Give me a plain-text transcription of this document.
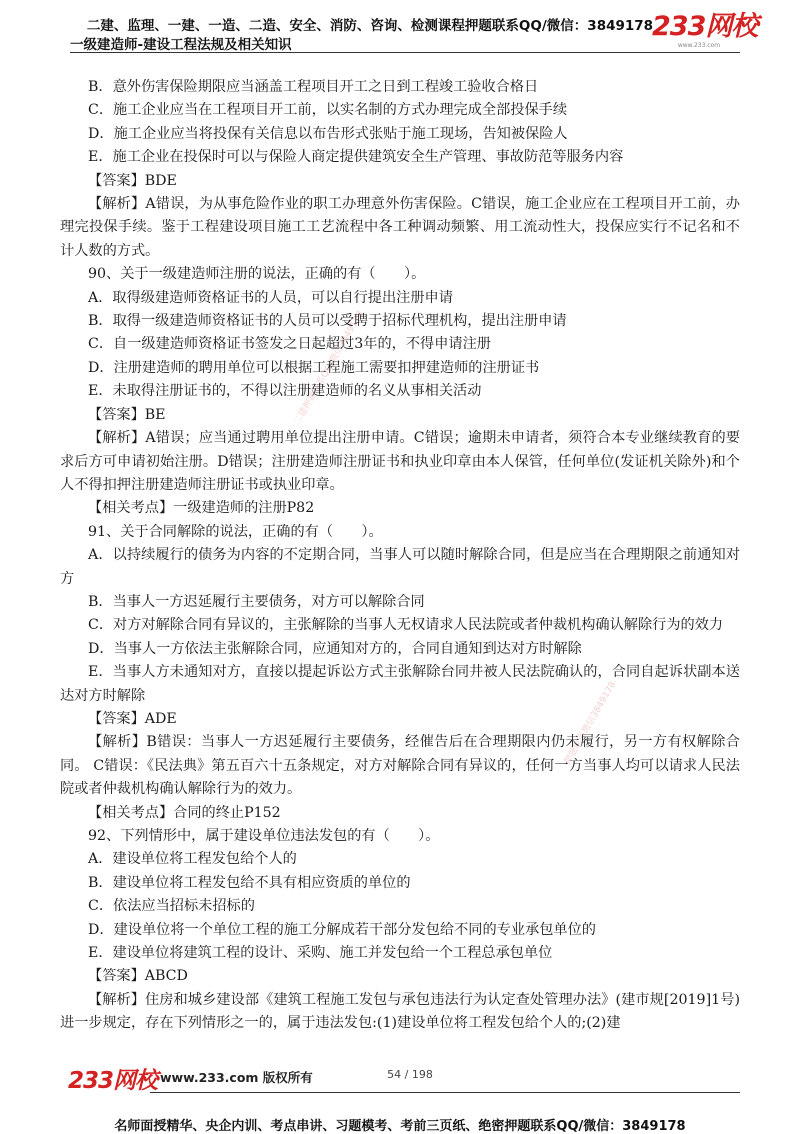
二建、监理、一建、一造、二造、安全、消防、咨询、检测课程押题联系QQ/微信：3849178
一级建造师-建设工程法规及相关知识
233网校
www.233.com
二建押题联系QQ/微信3849178
押题联系微信3849178

B．意外伤害保险期限应当涵盖工程项目开工之日到工程竣工验收合格日

C．施工企业应当在工程项目开工前，以实名制的方式办理完成全部投保手续

D．施工企业应当将投保有关信息以布告形式张贴于施工现场，告知被保险人

E．施工企业在投保时可以与保险人商定提供建筑安全生产管理、事故防范等服务内容

【答案】BDE

【解析】A错误，为从事危险作业的职工办理意外伤害保险。C错误，施工企业应在工程项目开工前，办理完投保手续。鉴于工程建设项目施工工艺流程中各工种调动频繁、用工流动性大，投保应实行不记名和不计人数的方式。

90、关于一级建造师注册的说法，正确的有（　　）。

A．取得级建造师资格证书的人员，可以自行提出注册申请

B．取得一级建造师资格证书的人员可以受聘于招标代理机构，提出注册申请

C．自一级建造师资格证书签发之日起超过3年的，不得申请注册

D．注册建造师的聘用单位可以根据工程施工需要扣押建造师的注册证书

E．未取得注册证书的，不得以注册建造师的名义从事相关活动

【答案】BE

【解析】A错误；应当通过聘用单位提出注册申请。C错误；逾期未申请者，须符合本专业继续教育的要求后方可申请初始注册。D错误；注册建造师注册证书和执业印章由本人保管，任何单位(发证机关除外)和个人不得扣押注册建造师注册证书或执业印章。

【相关考点】一级建造师的注册P82

91、关于合同解除的说法，正确的有（　　）。

A．以持续履行的债务为内容的不定期合同，当事人可以随时解除合同，但是应当在合理期限之前通知对方

B．当事人一方迟延履行主要债务，对方可以解除合同

C．对方对解除合同有异议的，主张解除的当事人无权请求人民法院或者仲裁机构确认解除行为的效力

D．当事人一方依法主张解除合同，应通知对方的，合同自通知到达对方时解除

E．当事人方未通知对方，直接以提起诉讼方式主张解除台同井被人民法院确认的，合同自起诉状副本送达对方时解除

【答案】ADE

【解析】B错误：当事人一方迟延履行主要债务，经催告后在合理期限内仍未履行，另一方有权解除合同。 C错误：《民法典》第五百六十五条规定，对方对解除合同有异议的，任何一方当事人均可以请求人民法院或者仲裁机构确认解除行为的效力。

【相关考点】合同的终止P152

92、下列情形中，属于建设单位违法发包的有（　　）。

A．建设单位将工程发包给个人的

B．建设单位将工程发包给不具有相应资质的单位的

C．依法应当招标未招标的

D．建设单位将一个单位工程的施工分解成若干部分发包给不同的专业承包单位的

E．建设单位将建筑工程的设计、采购、施工并发包给一个工程总承包单位

【答案】ABCD

【解析】住房和城乡建设部《建筑工程施工发包与承包违法行为认定查处管理办法》(建市规[2019]1号)进一步规定，存在下列情形之一的，属于违法发包:(1)建设单位将工程发包给个人的;(2)建

233网校 www.233.com 版权所有	54 / 198
名师面授精华、央企内训、考点串讲、习题模考、考前三页纸、绝密押题联系QQ/微信：3849178
